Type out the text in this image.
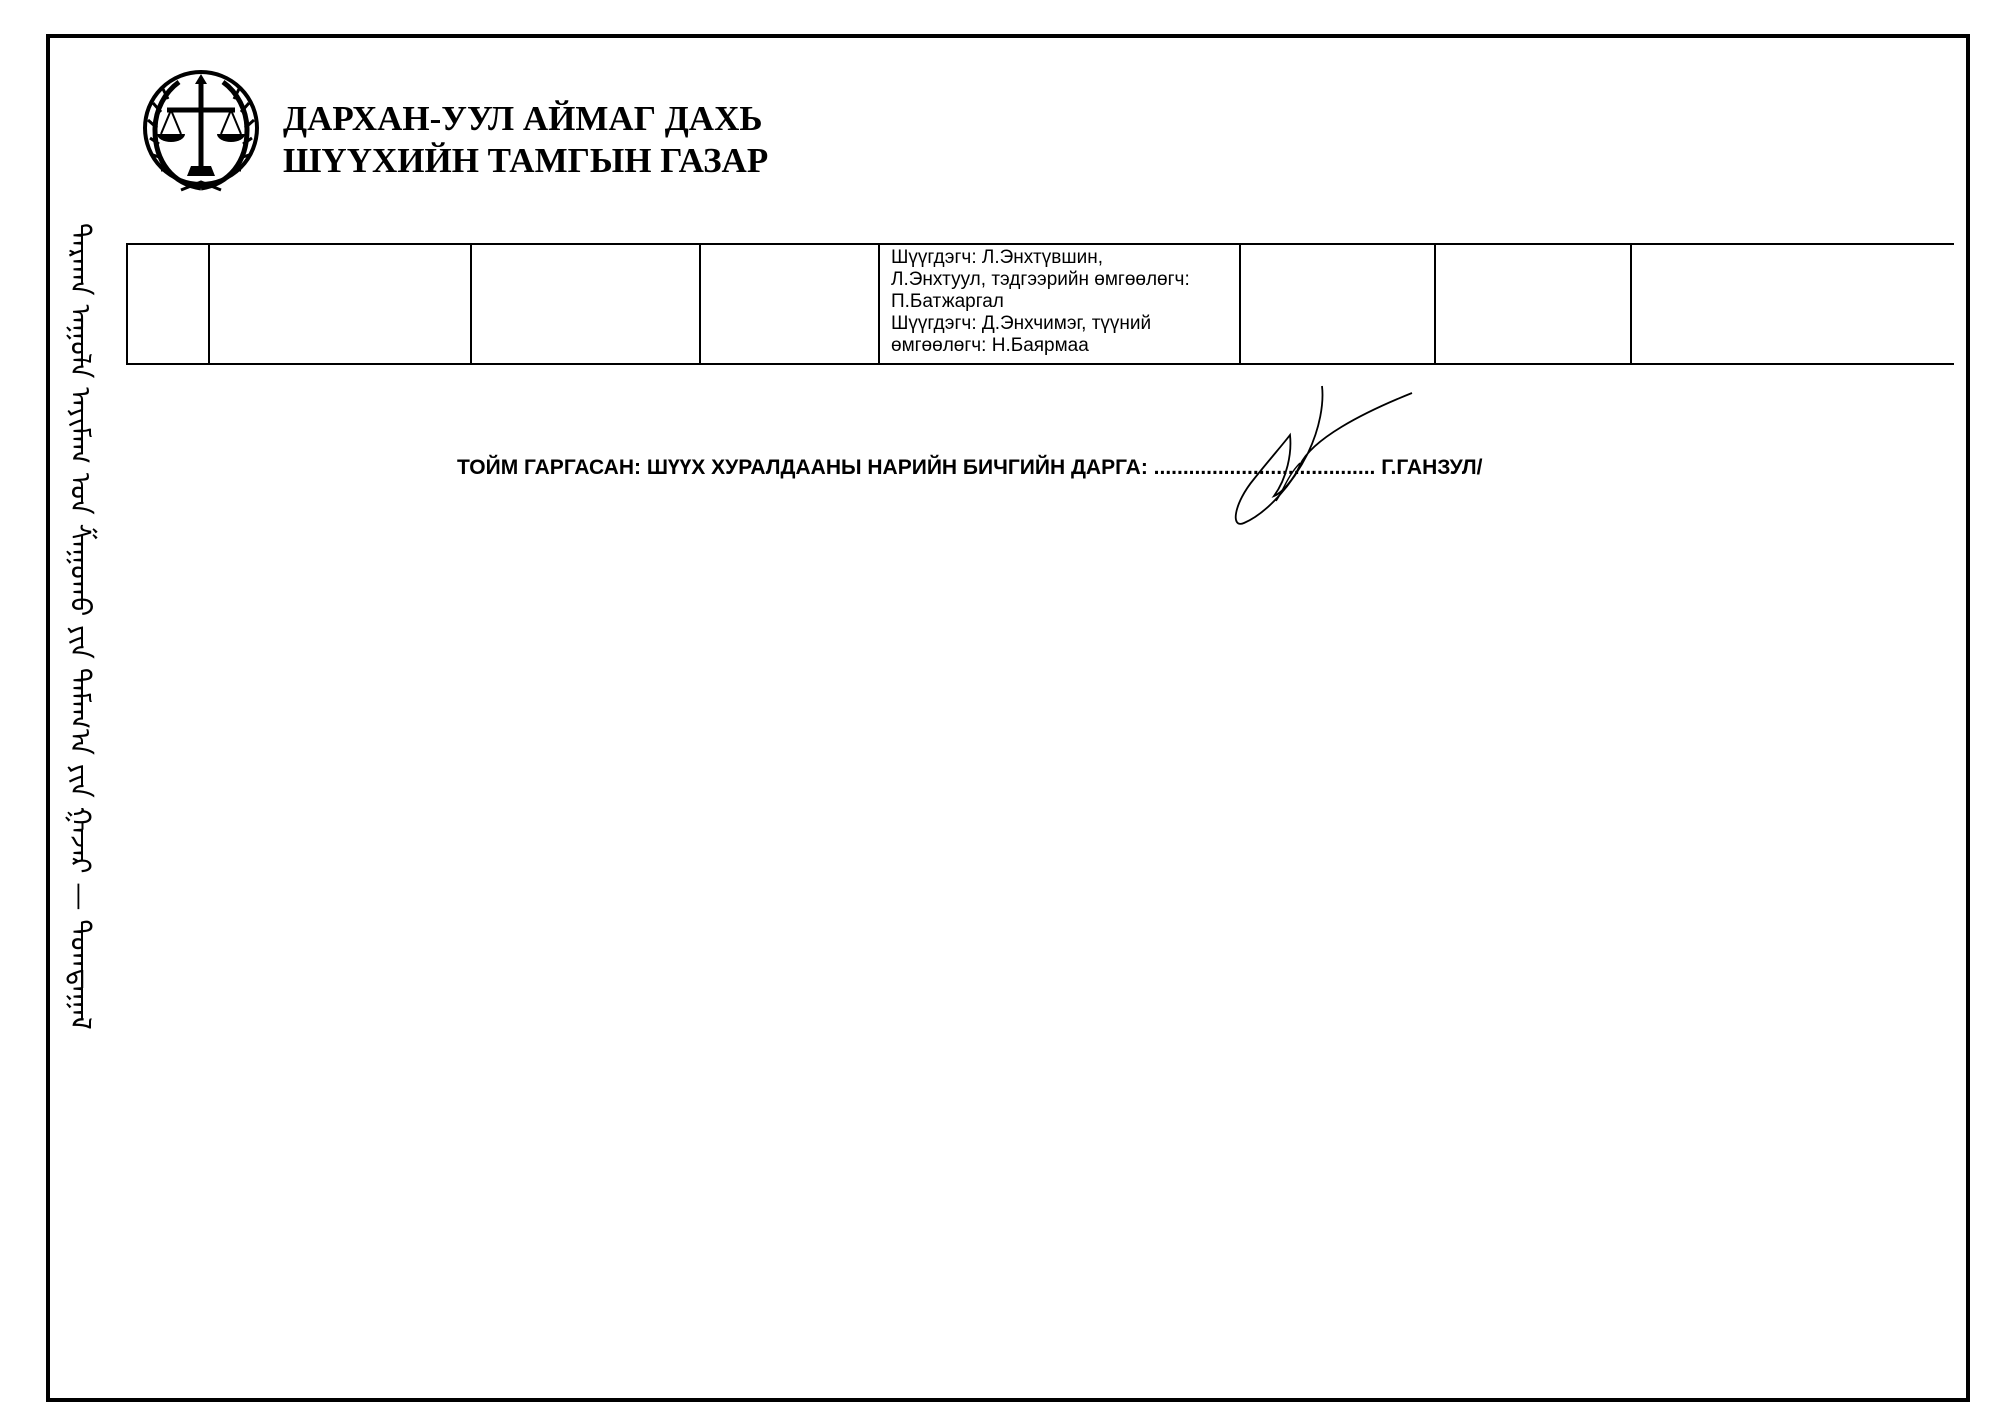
ᠳᠠᠷᠬᠠᠨ ᠠᠭᠤᠯᠠ ᠠᠶᠢᠮᠠᠭ ᠤᠨ ᠱᠠᠭᠤᠬᠤ ᠶᠢᠨ ᠲᠠᠮᠠᠭ᠎ᠠ ᠶᠢᠨ ᠭᠠᠵᠠᠷ — ᠲᠣᠭᠲᠠᠭᠠᠯ
ДАРХАН-УУЛ АЙМАГ ДАХЬ
ШҮҮХИЙН ТАМГЫН ГАЗАР

Шүүгдэгч: Л.Энхтүвшин,
Л.Энхтуул, тэдгээрийн өмгөөлөгч:
П.Батжаргал
Шүүгдэгч: Д.Энхчимэг, түүний
өмгөөлөгч: Н.Баярмаа

ТОЙМ ГАРГАСАН: ШҮҮХ ХУРАЛДААНЫ НАРИЙН БИЧГИЙН ДАРГА: ...................................... Г.ГАНЗУЛ/
